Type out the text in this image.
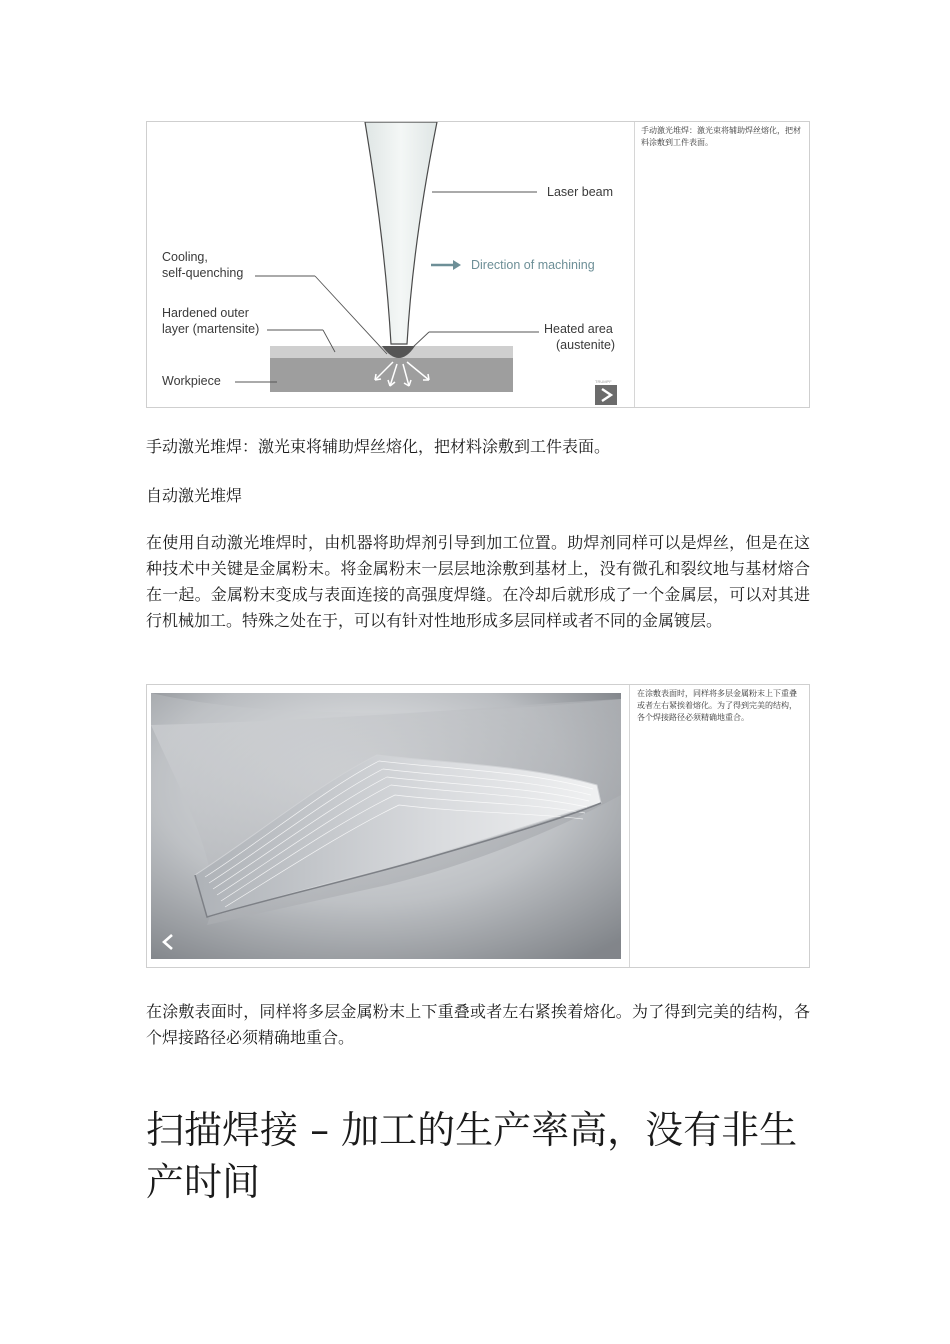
Laser beam
Direction of machining
Cooling,
self-quenching
Hardened outer
layer (martensite)	Heated area
(austenite)
Workpiece	TRUMPF
手动激光堆焊：激光束将辅助焊丝熔化，把材料涂敷到工件表面。
手动激光堆焊：激光束将辅助焊丝熔化，把材料涂敷到工件表面。
自动激光堆焊
在使用自动激光堆焊时，由机器将助焊剂引导到加工位置。助焊剂同样可以是焊丝，但是在这种技术中关键是金属粉末。将金属粉末一层层地涂敷到基材上，没有微孔和裂纹地与基材熔合在一起。金属粉末变成与表面连接的高强度焊缝。在冷却后就形成了一个金属层，可以对其进行机械加工。特殊之处在于，可以有针对性地形成多层同样或者不同的金属镀层。
在涂敷表面时，同样将多层金属粉末上下重叠或者左右紧挨着熔化。为了得到完美的结构，各个焊接路径必须精确地重合。
在涂敷表面时，同样将多层金属粉末上下重叠或者左右紧挨着熔化。为了得到完美的结构，各个焊接路径必须精确地重合。
扫描焊接 – 加工的生产率高，没有非生产时间
